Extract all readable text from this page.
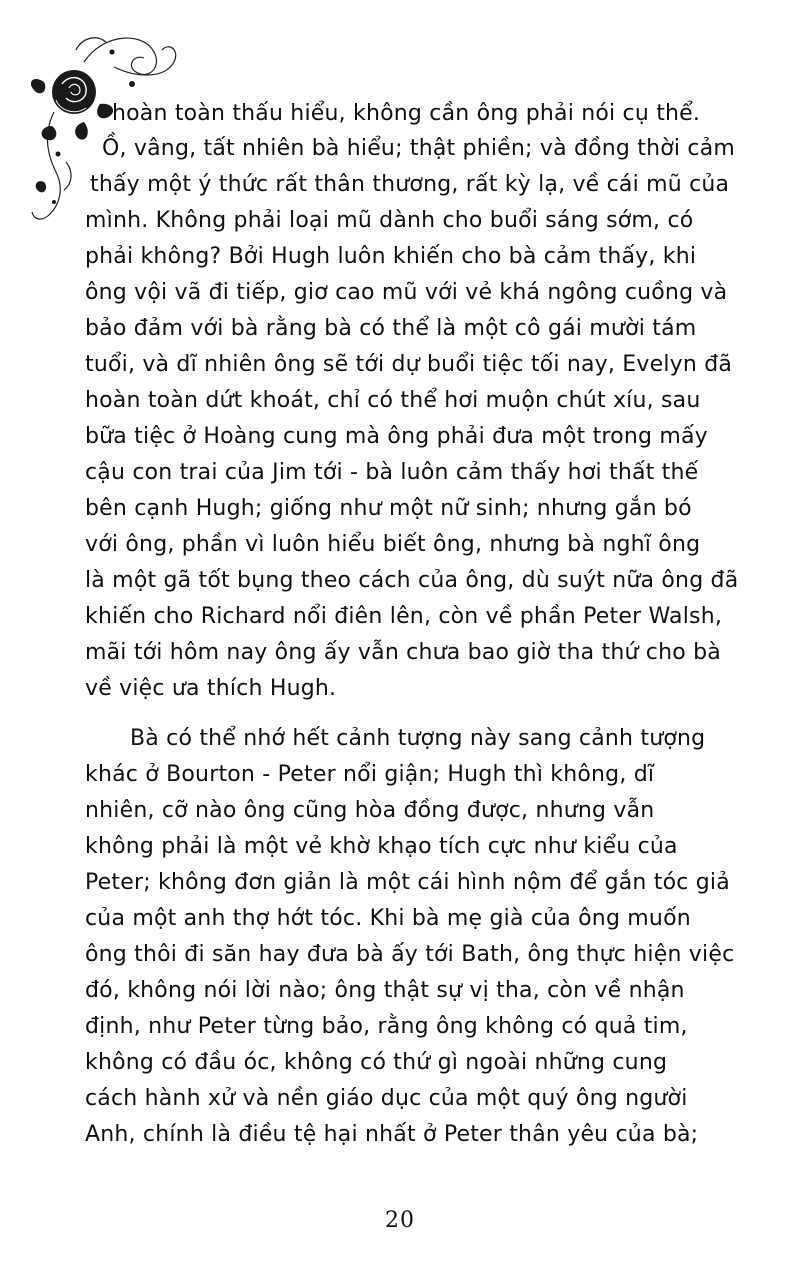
hoàn toàn thấu hiểu, không cần ông phải nói cụ thể.
Ồ, vâng, tất nhiên bà hiểu; thật phiền; và đồng thời cảm
thấy một ý thức rất thân thương, rất kỳ lạ, về cái mũ của
mình. Không phải loại mũ dành cho buổi sáng sớm, có
phải không? Bởi Hugh luôn khiến cho bà cảm thấy, khi
ông vội vã đi tiếp, giơ cao mũ với vẻ khá ngông cuồng và
bảo đảm với bà rằng bà có thể là một cô gái mười tám
tuổi, và dĩ nhiên ông sẽ tới dự buổi tiệc tối nay, Evelyn đã
hoàn toàn dứt khoát, chỉ có thể hơi muộn chút xíu, sau
bữa tiệc ở Hoàng cung mà ông phải đưa một trong mấy
cậu con trai của Jim tới - bà luôn cảm thấy hơi thất thế
bên cạnh Hugh; giống như một nữ sinh; nhưng gắn bó
với ông, phần vì luôn hiểu biết ông, nhưng bà nghĩ ông
là một gã tốt bụng theo cách của ông, dù suýt nữa ông đã
khiến cho Richard nổi điên lên, còn về phần Peter Walsh,
mãi tới hôm nay ông ấy vẫn chưa bao giờ tha thứ cho bà
về việc ưa thích Hugh.
Bà có thể nhớ hết cảnh tượng này sang cảnh tượng
khác ở Bourton - Peter nổi giận; Hugh thì không, dĩ
nhiên, cỡ nào ông cũng hòa đồng được, nhưng vẫn
không phải là một vẻ khờ khạo tích cực như kiểu của
Peter; không đơn giản là một cái hình nộm để gắn tóc giả
của một anh thợ hớt tóc. Khi bà mẹ già của ông muốn
ông thôi đi săn hay đưa bà ấy tới Bath, ông thực hiện việc
đó, không nói lời nào; ông thật sự vị tha, còn về nhận
định, như Peter từng bảo, rằng ông không có quả tim,
không có đầu óc, không có thứ gì ngoài những cung
cách hành xử và nền giáo dục của một quý ông người
Anh, chính là điều tệ hại nhất ở Peter thân yêu của bà;
20
